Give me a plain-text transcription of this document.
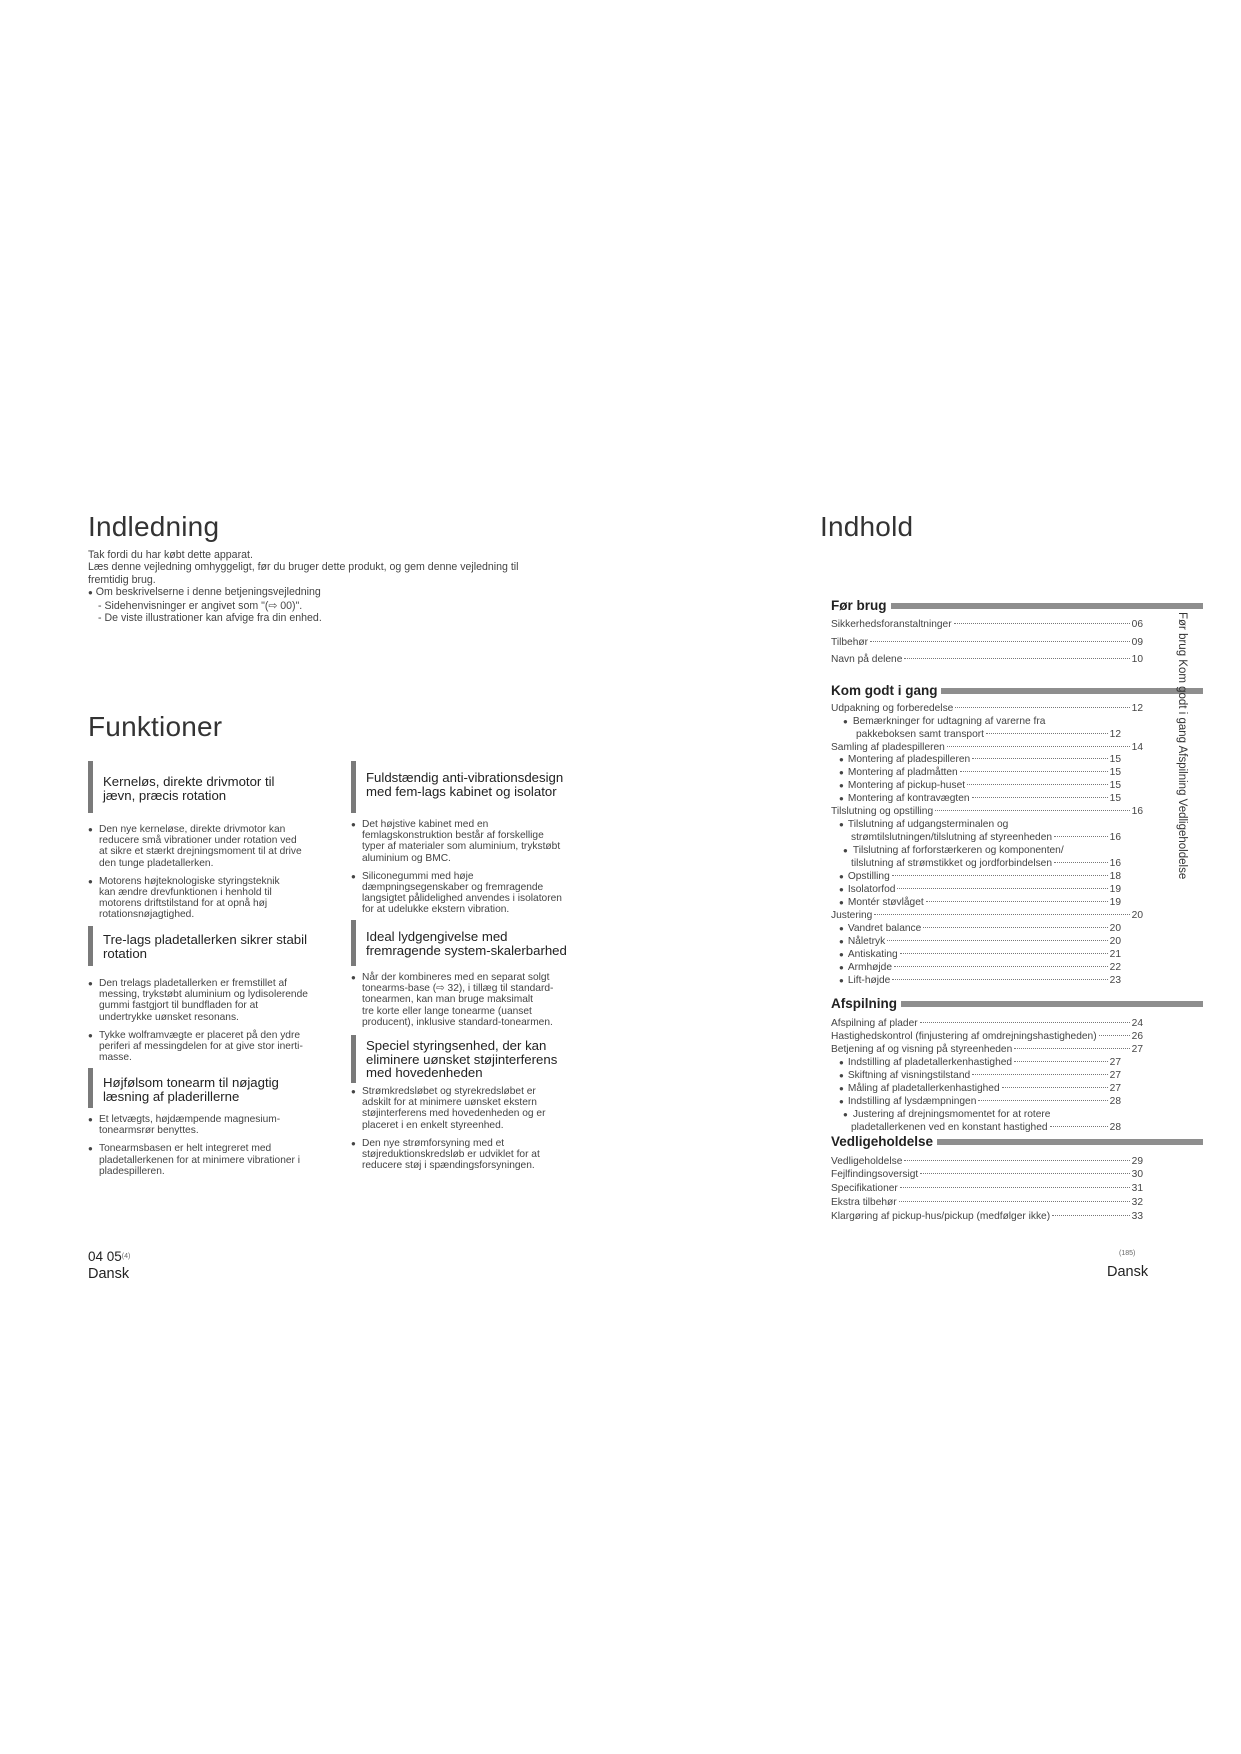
Indledning
Tak fordi du har købt dette apparat.
Læs denne vejledning omhyggeligt, før du bruger dette produkt, og gem denne vejledning til
fremtidig brug.
● Om beskrivelserne i denne betjeningsvejledning
- Sidehenvisninger er angivet som "(⇨ 00)".
- De viste illustrationer kan afvige fra din enhed.
Funktioner
Kerneløs, direkte drivmotor til
jævn, præcis rotation
● Den nye kerneløse, direkte drivmotor kan
reducere små vibrationer under rotation ved
at sikre et stærkt drejningsmoment til at drive
den tunge pladetallerken.
● Motorens højteknologiske styringsteknik
kan ændre drevfunktionen i henhold til
motorens driftstilstand for at opnå høj
rotationsnøjagtighed.
Tre-lags pladetallerken sikrer stabil
rotation
● Den trelags pladetallerken er fremstillet af
messing, trykstøbt aluminium og lydisolerende
gummi fastgjort til bundfladen for at
undertrykke uønsket resonans.
● Tykke wolframvægte er placeret på den ydre
periferi af messingdelen for at give stor inerti-
masse.
Højfølsom tonearm til nøjagtig
læsning af pladerillerne
● Et letvægts, højdæmpende magnesium-
tonearmsrør benyttes.
● Tonearmsbasen er helt integreret med
pladetallerkenen for at minimere vibrationer i
pladespilleren.
Fuldstændig anti-vibrationsdesign
med fem-lags kabinet og isolator
● Det højstive kabinet med en
femlagskonstruktion består af forskellige
typer af materialer som aluminium, trykstøbt
aluminium og BMC.
● Siliconegummi med høje
dæmpningsegenskaber og fremragende
langsigtet pålidelighed anvendes i isolatoren
for at udelukke ekstern vibration.
Ideal lydgengivelse med
fremragende system-skalerbarhed
● Når der kombineres med en separat solgt
tonearms-base (⇨ 32), i tillæg til standard-
tonearmen, kan man bruge maksimalt
tre korte eller lange tonearme (uanset
producent), inklusive standard-tonearmen.
Speciel styringsenhed, der kan
eliminere uønsket støjinterferens
med hovedenheden
● Strømkredsløbet og styrekredsløbet er
adskilt for at minimere uønsket ekstern
støjinterferens med hovedenheden og er
placeret i en enkelt styreenhed.
● Den nye strømforsyning med et
støjreduktionskredsløb er udviklet for at
reducere støj i spændingsforsyningen.
04 05$^{(4)}$
Dansk
Indhold
Før brug
Sikkerhedsforanstaltninger	06
Tilbehør	09
Navn på delene	10
Kom godt i gang
Udpakning og forberedelse	12
● Bemærkninger for udtagning af varerne fra
pakkeboksen samt transport	12
Samling af pladespilleren	14
● Montering af pladespilleren	15
● Montering af pladmåtten	15
● Montering af pickup-huset	15
● Montering af kontravægten	15
Tilslutning og opstilling	16
● Tilslutning af udgangsterminalen og
strømtilslutningen/tilslutning af styreenheden	16
● Tilslutning af forforstærkeren og komponenten/
tilslutning af strømstikket og jordforbindelsen	16
● Opstilling	18
● Isolatorfod	19
● Montér støvlåget	19
Justering	20
● Vandret balance	20
● Nåletryk	20
● Antiskating	21
● Armhøjde	22
● Lift-højde	23
Afspilning
Afspilning af plader	24
Hastighedskontrol (finjustering af omdrejningshastigheden)	26
Betjening af og visning på styreenheden	27
● Indstilling af pladetallerkenhastighed	27
● Skiftning af visningstilstand	27
● Måling af pladetallerkenhastighed	27
● Indstilling af lysdæmpningen	28
● Justering af drejningsmomentet for at rotere
pladetallerkenen ved en konstant hastighed	28
Vedligeholdelse
Vedligeholdelse	29
Fejlfindingsoversigt	30
Specifikationer	31
Ekstra tilbehør	32
Klargøring af pickup-hus/pickup (medfølger ikke)	33
Før brug Kom godt i gang Afspilning Vedligeholdelse
(185)
Dansk
